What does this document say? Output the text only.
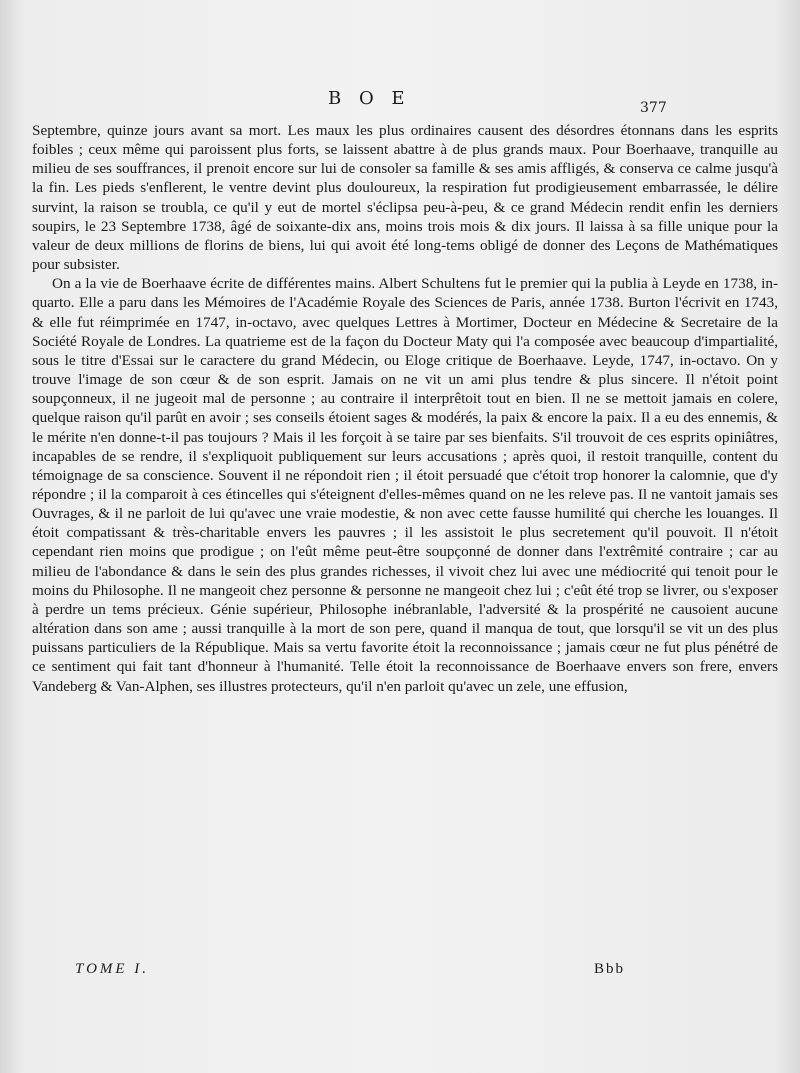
B O E	377

Septembre, quinze jours avant sa mort. Les maux les plus ordinaires causent des désordres étonnans dans les esprits foibles ; ceux même qui paroissent plus forts, se laissent abattre à de plus grands maux. Pour Boerhaave, tranquille au milieu de ses souffrances, il prenoit encore sur lui de consoler sa famille & ses amis affligés, & conserva ce calme jusqu'à la fin. Les pieds s'enflerent, le ventre devint plus douloureux, la respiration fut prodigieusement embarrassée, le délire survint, la raison se troubla, ce qu'il y eut de mortel s'éclipsa peu-à-peu, & ce grand Médecin rendit enfin les derniers soupirs, le 23 Septembre 1738, âgé de soixante-dix ans, moins trois mois & dix jours. Il laissa à sa fille unique pour la valeur de deux millions de florins de biens, lui qui avoit été long-tems obligé de donner des Leçons de Mathématiques pour subsister.

On a la vie de Boerhaave écrite de différentes mains. Albert Schultens fut le premier qui la publia à Leyde en 1738, in-quarto. Elle a paru dans les Mémoires de l'Académie Royale des Sciences de Paris, année 1738. Burton l'écrivit en 1743, & elle fut réimprimée en 1747, in-octavo, avec quelques Lettres à Mortimer, Docteur en Médecine & Secretaire de la Société Royale de Londres. La quatrieme est de la façon du Docteur Maty qui l'a composée avec beaucoup d'impartialité, sous le titre d'Essai sur le caractere du grand Médecin, ou Eloge critique de Boerhaave. Leyde, 1747, in-octavo. On y trouve l'image de son cœur & de son esprit. Jamais on ne vit un ami plus tendre & plus sincere. Il n'étoit point soupçonneux, il ne jugeoit mal de personne ; au contraire il interprêtoit tout en bien. Il ne se mettoit jamais en colere, quelque raison qu'il parût en avoir ; ses conseils étoient sages & modérés, la paix & encore la paix. Il a eu des ennemis, & le mérite n'en donne-t-il pas toujours ? Mais il les forçoit à se taire par ses bienfaits. S'il trouvoit de ces esprits opiniâtres, incapables de se rendre, il s'expliquoit publiquement sur leurs accusations ; après quoi, il restoit tranquille, content du témoignage de sa conscience. Souvent il ne répondoit rien ; il étoit persuadé que c'étoit trop honorer la calomnie, que d'y répondre ; il la comparoit à ces étincelles qui s'éteignent d'elles-mêmes quand on ne les releve pas. Il ne vantoit jamais ses Ouvrages, & il ne parloit de lui qu'avec une vraie modestie, & non avec cette fausse humilité qui cherche les louanges. Il étoit compatissant & très-charitable envers les pauvres ; il les assistoit le plus secretement qu'il pouvoit. Il n'étoit cependant rien moins que prodigue ; on l'eût même peut-être soupçonné de donner dans l'extrêmité contraire ; car au milieu de l'abondance & dans le sein des plus grandes richesses, il vivoit chez lui avec une médiocrité qui tenoit pour le moins du Philosophe. Il ne mangeoit chez personne & personne ne mangeoit chez lui ; c'eût été trop se livrer, ou s'exposer à perdre un tems précieux. Génie supérieur, Philosophe inébranlable, l'adversité & la prospérité ne causoient aucune altération dans son ame ; aussi tranquille à la mort de son pere, quand il manqua de tout, que lorsqu'il se vit un des plus puissans particuliers de la République. Mais sa vertu favorite étoit la reconnoissance ; jamais cœur ne fut plus pénétré de ce sentiment qui fait tant d'honneur à l'humanité. Telle étoit la reconnoissance de Boerhaave envers son frere, envers Vandeberg & Van-Alphen, ses illustres protecteurs, qu'il n'en parloit qu'avec un zele, une effusion,

TOME I.	Bbb
